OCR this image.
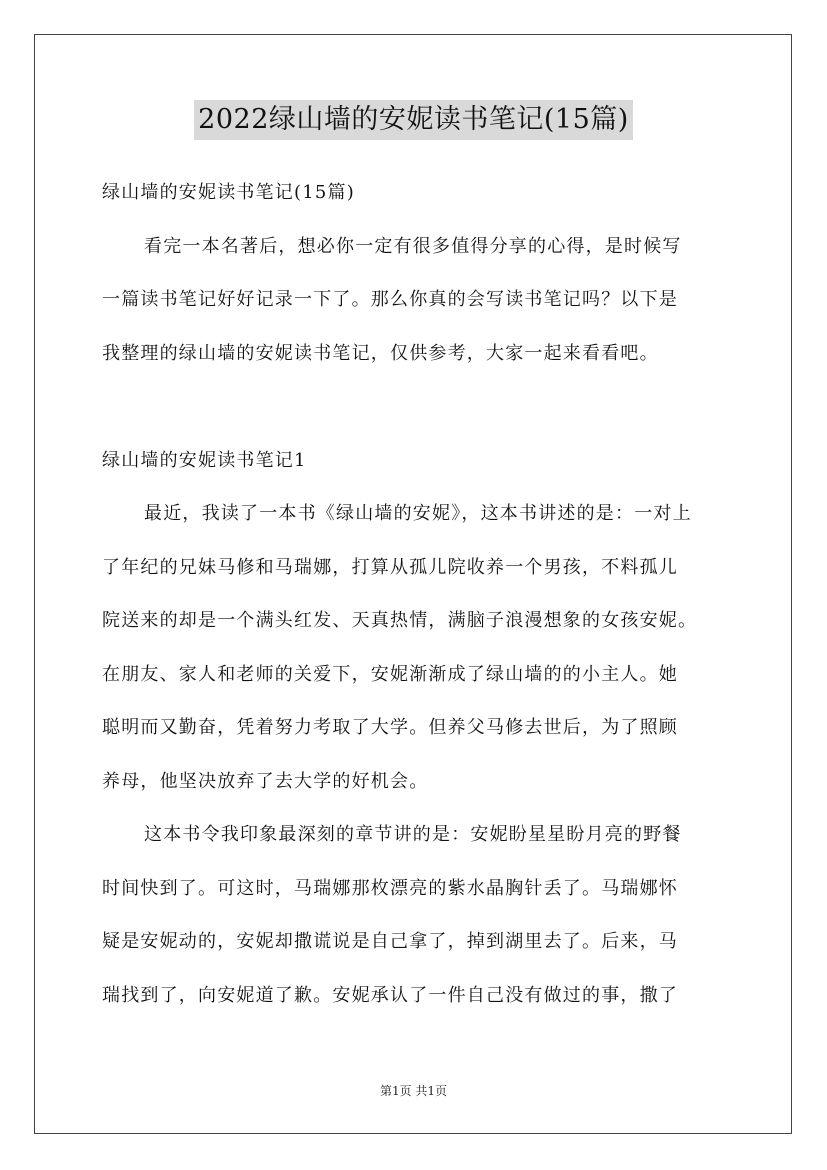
2022绿山墙的安妮读书笔记(15篇)
绿山墙的安妮读书笔记(15篇)
看完一本名著后，想必你一定有很多值得分享的心得，是时候写
一篇读书笔记好好记录一下了。那么你真的会写读书笔记吗？以下是
我整理的绿山墙的安妮读书笔记，仅供参考，大家一起来看看吧。
绿山墙的安妮读书笔记1
最近，我读了一本书《绿山墙的安妮》，这本书讲述的是：一对上
了年纪的兄妹马修和马瑞娜，打算从孤儿院收养一个男孩，不料孤儿
院送来的却是一个满头红发、天真热情，满脑子浪漫想象的女孩安妮。
在朋友、家人和老师的关爱下，安妮渐渐成了绿山墙的的小主人。她
聪明而又勤奋，凭着努力考取了大学。但养父马修去世后，为了照顾
养母，他坚决放弃了去大学的好机会。
这本书令我印象最深刻的章节讲的是：安妮盼星星盼月亮的野餐
时间快到了。可这时，马瑞娜那枚漂亮的紫水晶胸针丢了。马瑞娜怀
疑是安妮动的，安妮却撒谎说是自己拿了，掉到湖里去了。后来，马
瑞找到了，向安妮道了歉。安妮承认了一件自己没有做过的事，撒了
第1页 共1页
